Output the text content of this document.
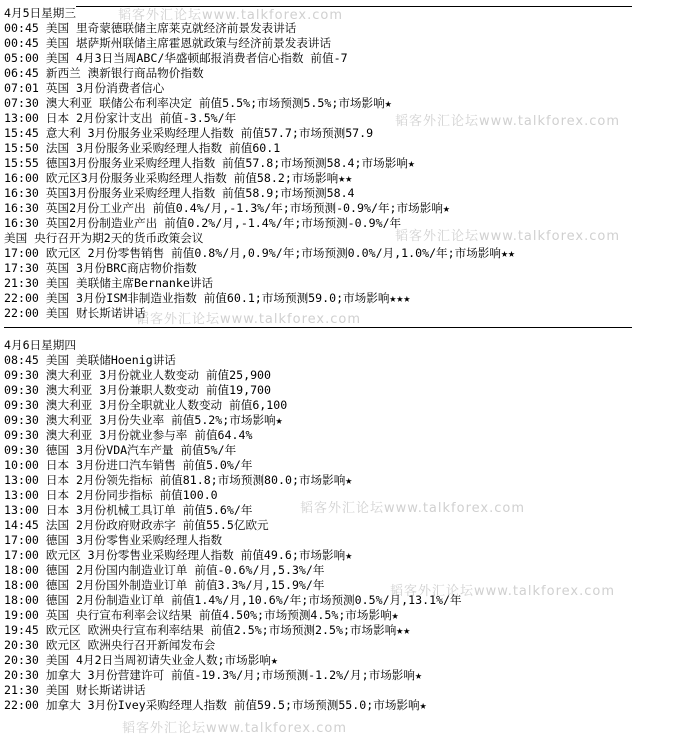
韬客外汇论坛www.talkforex.com
韬客外汇论坛www.talkforex.com
韬客外汇论坛www.talkforex.com
韬客外汇论坛www.talkforex.com
韬客外汇论坛www.talkforex.com
韬客外汇论坛www.talkforex.com
韬客外汇论坛www.talkforex.com
4月5日星期三
00:45 美国 里奇蒙德联储主席莱克就经济前景发表讲话
00:45 美国 堪萨斯州联储主席霍恩就政策与经济前景发表讲话
05:00 美国 4月3日当周ABC/华盛顿邮报消费者信心指数 前值-7
06:45 新西兰 澳新银行商品物价指数
07:01 英国 3月份消费者信心
07:30 澳大利亚 联储公布利率决定 前值5.5%;市场预测5.5%;市场影响★
13:00 日本 2月份家计支出 前值-3.5%/年
15:45 意大利 3月份服务业采购经理人指数 前值57.7;市场预测57.9
15:50 法国 3月份服务业采购经理人指数 前值60.1
15:55 德国3月份服务业采购经理人指数 前值57.8;市场预测58.4;市场影响★
16:00 欧元区3月份服务业采购经理人指数 前值58.2;市场影响★★
16:30 英国3月份服务业采购经理人指数 前值58.9;市场预测58.4
16:30 英国2月份工业产出 前值0.4%/月,-1.3%/年;市场预测-0.9%/年;市场影响★
16:30 英国2月份制造业产出 前值0.2%/月,-1.4%/年;市场预测-0.9%/年
美国 央行召开为期2天的货币政策会议
17:00 欧元区 2月份零售销售 前值0.8%/月,0.9%/年;市场预测0.0%/月,1.0%/年;市场影响★★
17:30 英国 3月份BRC商店物价指数
21:30 美国 美联储主席Bernanke讲话
22:00 美国 3月份ISM非制造业指数 前值60.1;市场预测59.0;市场影响★★★
22:00 美国 财长斯诺讲话
4月6日星期四
08:45 美国 美联储Hoenig讲话
09:30 澳大利亚 3月份就业人数变动 前值25,900
09:30 澳大利亚 3月份兼职人数变动 前值19,700
09:30 澳大利亚 3月份全职就业人数变动 前值6,100
09:30 澳大利亚 3月份失业率 前值5.2%;市场影响★
09:30 澳大利亚 3月份就业参与率 前值64.4%
09:30 德国 3月份VDA汽车产量 前值5%/年
10:00 日本 3月份进口汽车销售 前值5.0%/年
13:00 日本 2月份领先指标 前值81.8;市场预测80.0;市场影响★
13:00 日本 2月份同步指标 前值100.0
13:00 日本 3月份机械工具订单 前值5.6%/年
14:45 法国 2月份政府财政赤字 前值55.5亿欧元
17:00 德国 3月份零售业采购经理人指数
17:00 欧元区 3月份零售业采购经理人指数 前值49.6;市场影响★
18:00 德国 2月份国内制造业订单 前值-0.6%/月,5.3%/年
18:00 德国 2月份国外制造业订单 前值3.3%/月,15.9%/年
18:00 德国 2月份制造业订单 前值1.4%/月,10.6%/年;市场预测0.5%/月,13.1%/年
19:00 英国 央行宣布利率会议结果 前值4.50%;市场预测4.5%;市场影响★
19:45 欧元区 欧洲央行宣布利率结果 前值2.5%;市场预测2.5%;市场影响★★
20:30 欧元区 欧洲央行召开新闻发布会
20:30 美国 4月2日当周初请失业金人数;市场影响★
20:30 加拿大 3月份营建许可 前值-19.3%/月;市场预测-1.2%/月;市场影响★
21:30 美国 财长斯诺讲话
22:00 加拿大 3月份Ivey采购经理人指数 前值59.5;市场预测55.0;市场影响★
